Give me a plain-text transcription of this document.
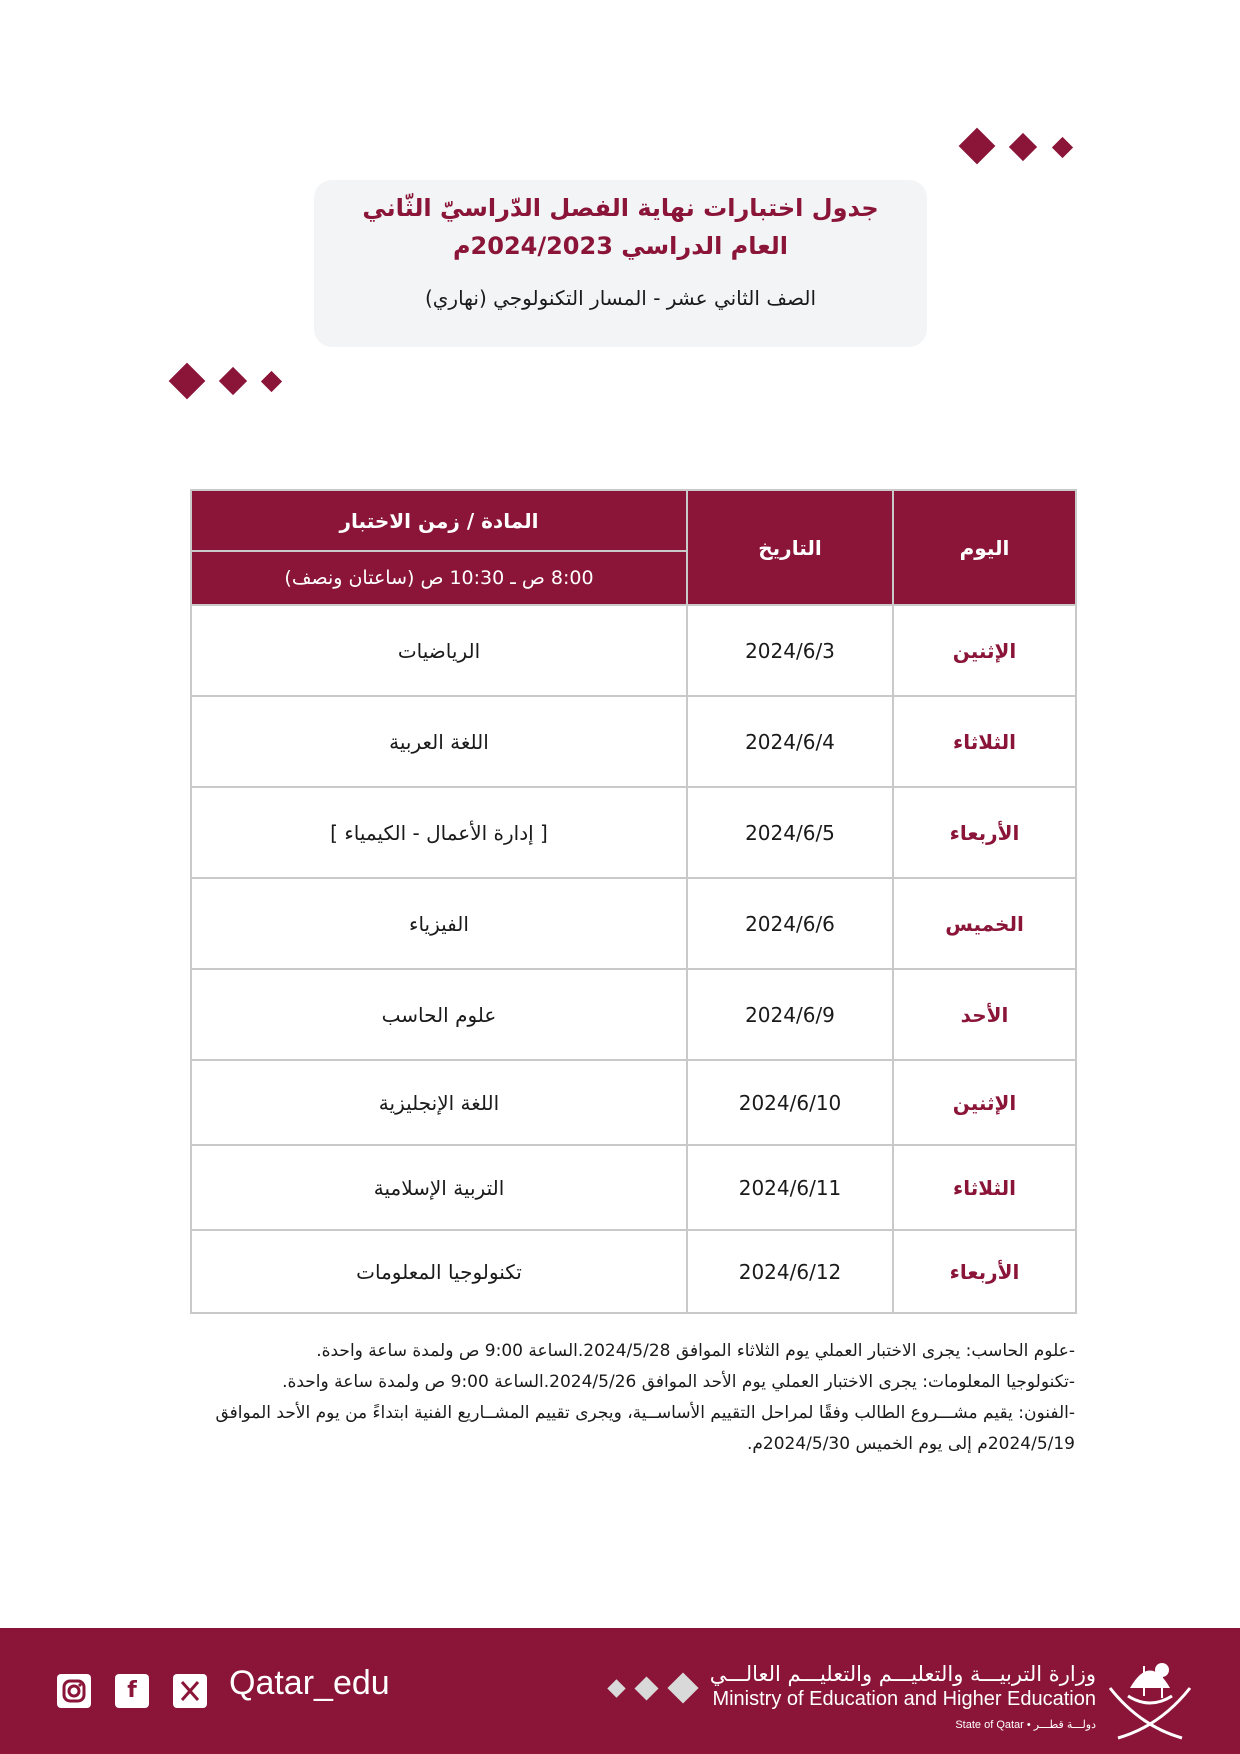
جدول اختبارات نهاية الفصل الدّراسيّ الثّاني
العام الدراسي 2024/2023م
الصف الثاني عشر - المسار التكنولوجي (نهاري)
اليوم	التاريخ	المادة / زمن الاختبار
		8:00 ص ـ 10:30 ص (ساعتان ونصف)
الإثنين	2024/6/3	الرياضيات
الثلاثاء	2024/6/4	اللغة العربية
الأربعاء	2024/6/5	[ إدارة الأعمال - الكيمياء ]
الخميس	2024/6/6	الفيزياء
الأحد	2024/6/9	علوم الحاسب
الإثنين	2024/6/10	اللغة الإنجليزية
الثلاثاء	2024/6/11	التربية الإسلامية
الأربعاء	2024/6/12	تكنولوجيا المعلومات

-علوم الحاسب: يجرى الاختبار العملي يوم الثلاثاء الموافق 2024/5/28.الساعة 9:00 ص ولمدة ساعة واحدة.

-تكنولوجيا المعلومات: يجرى الاختبار العملي يوم الأحد الموافق 2024/5/26.الساعة 9:00 ص ولمدة ساعة واحدة.

-الفنون: يقيم مشـــروع الطالب وفقًا لمراحل التقييم الأساســية، ويجرى تقييم المشــاريع الفنية ابتداءً من يوم الأحد الموافق 2024/5/19م إلى يوم الخميس 2024/5/30م.

f	Qatar_edu	وزارة التربيـــة والتعليـــم والتعليـــم العالـــي
Ministry of Education and Higher Education
State of Qatar • دولـــة قطـــر
